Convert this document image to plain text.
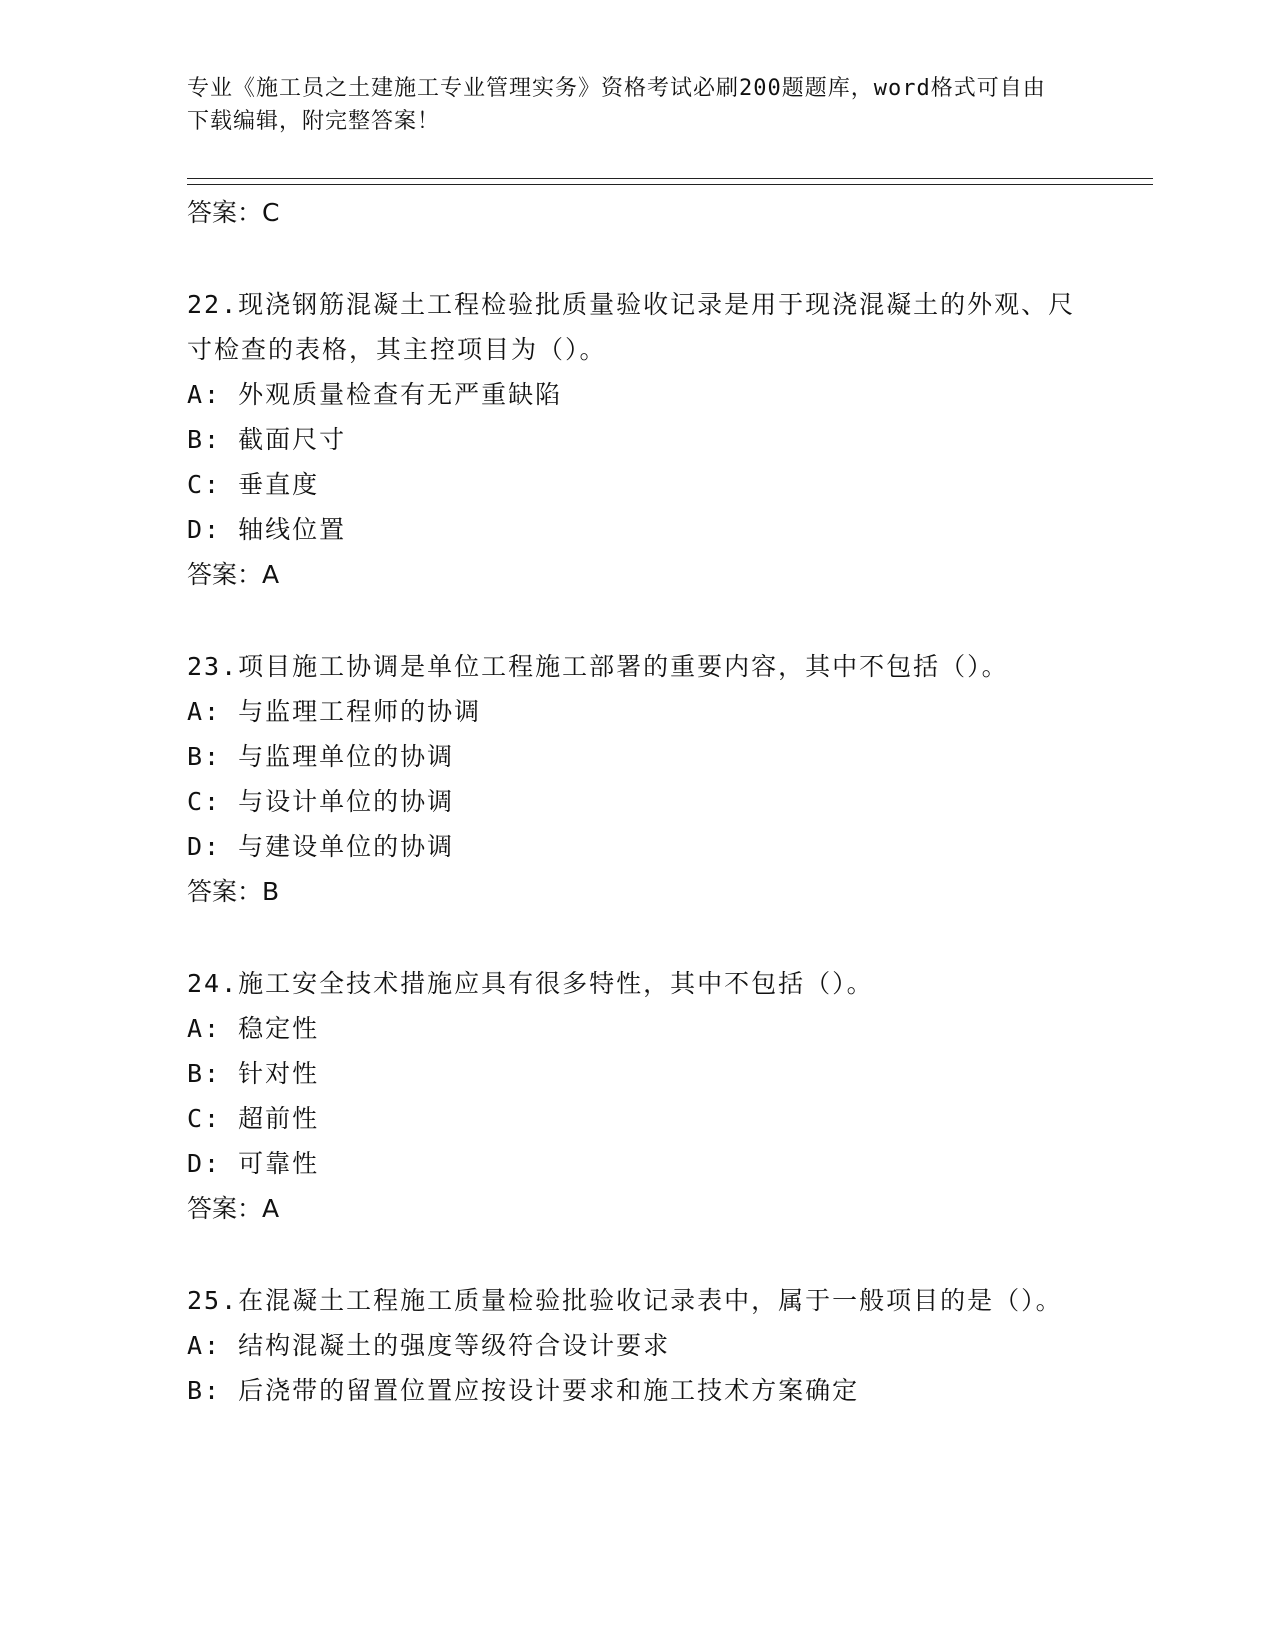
专业《施工员之土建施工专业管理实务》资格考试必刷200题题库，word格式可自由下载编辑，附完整答案！
答案：C
22.现浇钢筋混凝土工程检验批质量验收记录是用于现浇混凝土的外观、尺寸检查的表格，其主控项目为（）。
A: 外观质量检查有无严重缺陷
B: 截面尺寸
C: 垂直度
D: 轴线位置
答案：A
23.项目施工协调是单位工程施工部署的重要内容，其中不包括（）。
A: 与监理工程师的协调
B: 与监理单位的协调
C: 与设计单位的协调
D: 与建设单位的协调
答案：B
24.施工安全技术措施应具有很多特性，其中不包括（）。
A: 稳定性
B: 针对性
C: 超前性
D: 可靠性
答案：A
25.在混凝土工程施工质量检验批验收记录表中，属于一般项目的是（）。
A: 结构混凝土的强度等级符合设计要求
B: 后浇带的留置位置应按设计要求和施工技术方案确定
